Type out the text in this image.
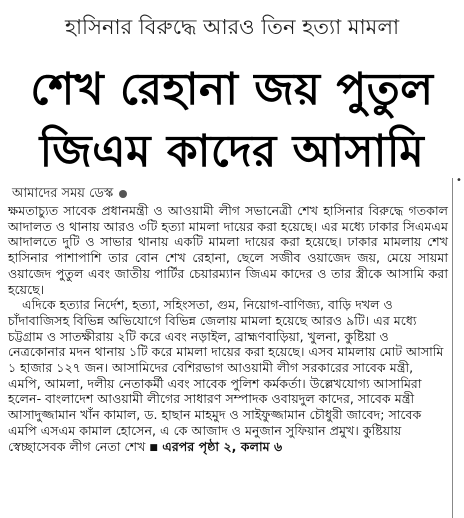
হাসিনার বিরুদ্ধে আরও তিন হত্যা মামলা
শেখ রেহানা জয় পুতুল
জিএম কাদের আসামি
আমাদের সময় ডেস্ক

ক্ষমতাচ্যুত সাবেক প্রধানমন্ত্রী ও আওয়ামী লীগ সভানেত্রী শেখ হাসিনার বিরুদ্ধে গতকাল আদালত ও থানায় আরও ৩টি হত্যা মামলা দায়ের করা হয়েছে। এর মধ্যে ঢাকার সিএমএম আদালতে দুটি ও সাভার থানায় একটি মামলা দায়ের করা হয়েছে। ঢাকার মামলায় শেখ হাসিনার পাশাপাশি তার বোন শেখ রেহানা, ছেলে সজীব ওয়াজেদ জয়, মেয়ে সায়মা ওয়াজেদ পুতুল এবং জাতীয় পার্টির চেয়ারম্যান জিএম কাদের ও তার স্ত্রীকে আসামি করা হয়েছে।

এদিকে হত্যার নির্দেশ, হত্যা, সহিংসতা, গুম, নিয়োগ-বাণিজ্য, বাড়ি দখল ও চাঁদাবাজিসহ বিভিন্ন অভিযোগে বিভিন্ন জেলায় মামলা হয়েছে আরও ৯টি। এর মধ্যে চট্টগ্রাম ও সাতক্ষীরায় ২টি করে এবং নড়াইল, ব্রাহ্মণবাড়িয়া, খুলনা, কুষ্টিয়া ও নেত্রকোনার মদন থানায় ১টি করে মামলা দায়ের করা হয়েছে। এসব মামলায় মোট আসামি ১ হাজার ১২৭ জন। আসামিদের বেশিরভাগ আওয়ামী লীগ সরকারের সাবেক মন্ত্রী, এমপি, আমলা, দলীয় নেতাকর্মী এবং সাবেক পুলিশ কর্মকর্তা। উল্লেখযোগ্য আসামিরা হলেন- বাংলাদেশ আওয়ামী লীগের সাধারণ সম্পাদক ওবায়দুল কাদের, সাবেক মন্ত্রী আসাদুজ্জামান খাঁন কামাল, ড. হাছান মাহমুদ ও সাইফুজ্জামান চৌধুরী জাবেদ; সাবেক এমপি এসএম কামাল হোসেন, এ কে আজাদ ও মনুজান সুফিয়ান প্রমুখ। কুষ্টিয়ায় স্বেচ্ছাসেবক লীগ নেতা শেখ ■ এরপর পৃষ্ঠা ২, কলাম ৬

•
